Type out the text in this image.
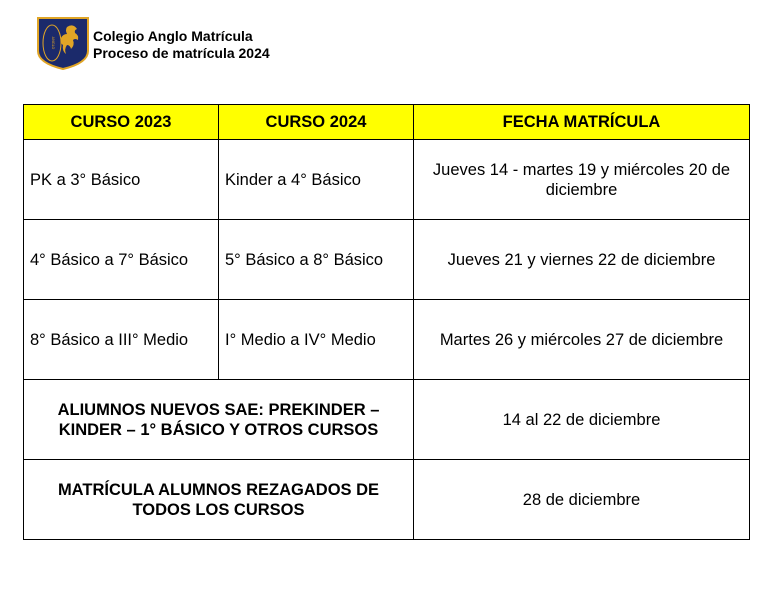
ANGLO	Colegio Anglo Matrícula
Proceso de matrícula 2024
CURSO 2023	CURSO 2024	FECHA MATRÍCULA
PK a 3° Básico	Kinder a 4° Básico	Jueves 14 - martes 19 y miércoles 20 de diciembre
4° Básico a 7° Básico	5° Básico a 8° Básico	Jueves 21 y viernes 22 de diciembre
8° Básico a III° Medio	I° Medio a IV° Medio	Martes 26 y miércoles 27 de diciembre
ALIUMNOS NUEVOS SAE: PREKINDER – KINDER – 1° BÁSICO Y OTROS CURSOS		14 al 22 de diciembre
MATRÍCULA ALUMNOS REZAGADOS DE TODOS LOS CURSOS		28 de diciembre
